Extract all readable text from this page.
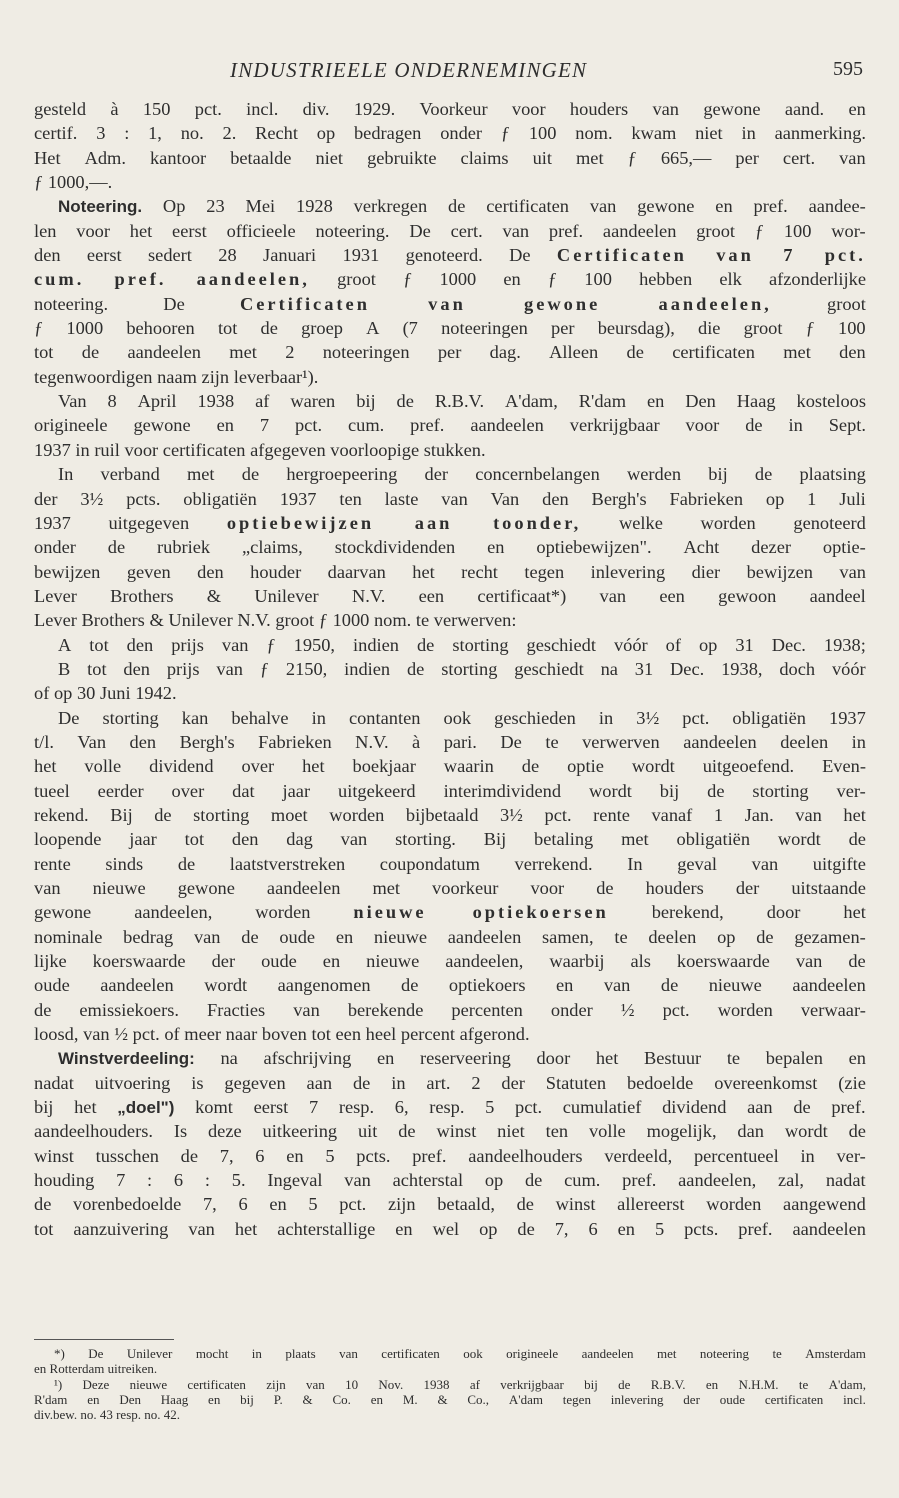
INDUSTRIEELE ONDERNEMINGEN	595
gesteld
à
150
pct.
incl.
div.
1929.
Voorkeur
voor
houders
van
gewone
aand.
en
certif.
3
:
1,
no.
2.
Recht
op
bedragen
onder
ƒ
100
nom.
kwam
niet
in
aanmerking.
Het
Adm.
kantoor
betaalde
niet
gebruikte
claims
uit
met
ƒ
665,—
per
cert.
van
ƒ
1000,—.
Noteering.
Op
23
Mei
1928
verkregen
de
certificaten
van
gewone
en
pref.
aandee-
len
voor
het
eerst
officieele
noteering.
De
cert.
van
pref.
aandeelen
groot
ƒ
100
wor-
den
eerst
sedert
28
Januari
1931
genoteerd.
De
Certificaten
van
7
pct.
cum.
pref.
aandeelen,
groot
ƒ
1000
en
ƒ
100
hebben
elk
afzonderlijke
noteering.
	De
	Certificaten
	van
	gewone
	aandeelen,
	groot
ƒ
1000
behooren
tot
de
groep
A
(7
noteeringen
per
beursdag),
die
groot
ƒ
100
tot
de
aandeelen
met
2
noteeringen
per
dag.
Alleen
de
certificaten
met
den
tegenwoordigen
naam
zijn
leverbaar¹).
Van
8
April
1938
af
waren
bij
de
R.B.V.
A'dam,
R'dam
en
Den
Haag
kosteloos
origineele
gewone
en
7
pct.
cum.
pref.
aandeelen
verkrijgbaar
voor
de
in
Sept.
1937
in
ruil
voor
certificaten
afgegeven
voorloopige
stukken.
In
verband
met
de
hergroepeering
der
concernbelangen
werden
bij
de
plaatsing
der
3½
pcts.
obligatiën
1937
ten
laste
van
Van
den
Bergh's
Fabrieken
op
1
Juli
1937
uitgegeven
optiebewijzen
aan
toonder,
welke
worden
genoteerd
onder
de
rubriek
„claims,
stockdividenden
en
optiebewijzen".
Acht
dezer
optie-
bewijzen
geven
den
houder
daarvan
het
recht
tegen
inlevering
dier
bewijzen
van
Lever
Brothers
&
Unilever
N.V.
een
certificaat*)
van
een
gewoon
aandeel
Lever
Brothers
&
Unilever
N.V.
groot
ƒ
1000
nom.
te
verwerven:
A
tot
den
prijs
van
ƒ
1950,
indien
de
storting
geschiedt
vóór
of
op
31
Dec.
1938;
B
tot
den
prijs
van
ƒ
2150,
indien
de
storting
geschiedt
na
31
Dec.
1938,
doch
vóór
of
op
30
Juni
1942.
De
storting
kan
behalve
in
contanten
ook
geschieden
in
3½
pct.
obligatiën
1937
t/l.
Van
den
Bergh's
Fabrieken
N.V.
à
pari.
De
te
verwerven
aandeelen
deelen
in
het
volle
dividend
over
het
boekjaar
waarin
de
optie
wordt
uitgeoefend.
Even-
tueel
eerder
over
dat
jaar
uitgekeerd
interimdividend
wordt
bij
de
storting
ver-
rekend.
Bij
de
storting
moet
worden
bijbetaald
3½
pct.
rente
vanaf
1
Jan.
van
het
loopende
jaar
tot
den
dag
van
storting.
Bij
betaling
met
obligatiën
wordt
de
rente
sinds
de
laatstverstreken
coupondatum
verrekend.
In
geval
van
uitgifte
van
nieuwe
gewone
aandeelen
met
voorkeur
voor
de
houders
der
uitstaande
gewone
aandeelen,
worden
nieuwe
optiekoersen
berekend,
door
het
nominale
bedrag
van
de
oude
en
nieuwe
aandeelen
samen,
te
deelen
op
de
gezamen-
lijke
koerswaarde
der
oude
en
nieuwe
aandeelen,
waarbij
als
koerswaarde
van
de
oude
aandeelen
wordt
aangenomen
de
optiekoers
en
van
de
nieuwe
aandeelen
de
emissiekoers.
Fracties
van
berekende
percenten
onder
½
pct.
worden
verwaar-
loosd,
van
½
pct.
of
meer
naar
boven
tot
een
heel
percent
afgerond.
Winstverdeeling:
na
afschrijving
en
reserveering
door
het
Bestuur
te
bepalen
en
nadat
uitvoering
is
gegeven
aan
de
in
art.
2
der
Statuten
bedoelde
overeenkomst
(zie
bij
het
„doel")
komt
eerst
7
resp.
6,
resp.
5
pct.
cumulatief
dividend
aan
de
pref.
aandeelhouders.
Is
deze
uitkeering
uit
de
winst
niet
ten
volle
mogelijk,
dan
wordt
de
winst
tusschen
de
7,
6
en
5
pcts.
pref.
aandeelhouders
verdeeld,
percentueel
in
ver-
houding
7
:
6
:
5.
Ingeval
van
achterstal
op
de
cum.
pref.
aandeelen,
zal,
nadat
de
vorenbedoelde
7,
6
en
5
pct.
zijn
betaald,
de
winst
allereerst
worden
aangewend
tot
aanzuivering
van
het
achterstallige
en
wel
op
de
7,
6
en
5
pcts.
pref.
aandeelen
*)
De
Unilever
mocht
in
plaats
van
certificaten
ook
origineele
aandeelen
met
noteering
te
Amsterdam
en
Rotterdam
uitreiken.
¹)
Deze
nieuwe
certificaten
zijn
van
10
Nov.
1938
af
verkrijgbaar
bij
de
R.B.V.
en
N.H.M.
te
A'dam,
R'dam
en
Den
Haag
en
bij
P.
&
Co.
en
M.
&
Co.,
A'dam
tegen
inlevering
der
oude
certificaten
incl.
div.bew.
no.
43
resp.
no.
42.
